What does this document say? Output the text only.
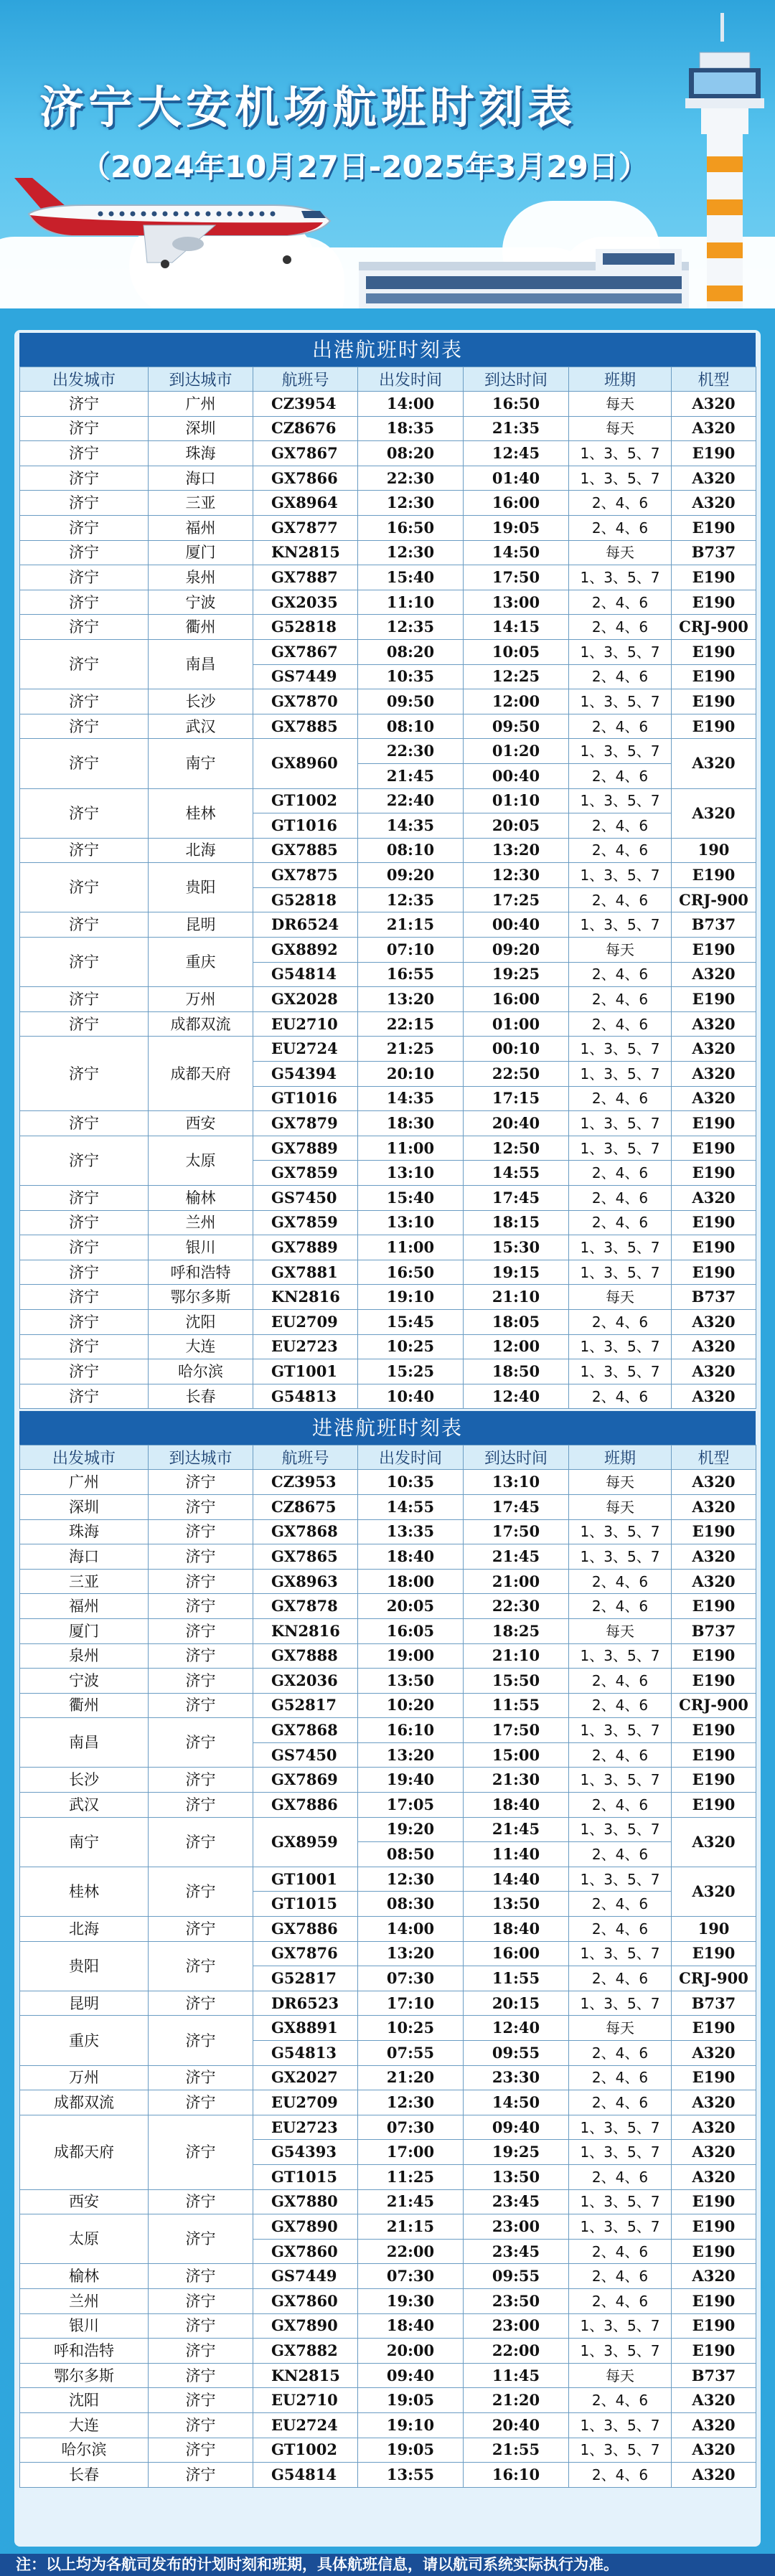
济宁大安机场航班时刻表
（2024年10月27日-2025年3月29日）
出港航班时刻表
出发城市	到达城市	航班号	出发时间	到达时间	班期	机型
济宁	广州	CZ3954	14:00	16:50	每天	A320
济宁	深圳	CZ8676	18:35	21:35	每天	A320
济宁	珠海	GX7867	08:20	12:45	1、3、5、7	E190
济宁	海口	GX7866	22:30	01:40	1、3、5、7	A320
济宁	三亚	GX8964	12:30	16:00	2、4、6	A320
济宁	福州	GX7877	16:50	19:05	2、4、6	E190
济宁	厦门	KN2815	12:30	14:50	每天	B737
济宁	泉州	GX7887	15:40	17:50	1、3、5、7	E190
济宁	宁波	GX2035	11:10	13:00	2、4、6	E190
济宁	衢州	G52818	12:35	14:15	2、4、6	CRJ-900
济宁	南昌	GX7867	08:20	10:05	1、3、5、7	E190
		GS7449	10:35	12:25	2、4、6	E190
济宁	长沙	GX7870	09:50	12:00	1、3、5、7	E190
济宁	武汉	GX7885	08:10	09:50	2、4、6	E190
济宁	南宁	GX8960	22:30	01:20	1、3、5、7	A320
			21:45	00:40	2、4、6	
济宁	桂林	GT1002	22:40	01:10	1、3、5、7	A320
		GT1016	14:35	20:05	2、4、6	
济宁	北海	GX7885	08:10	13:20	2、4、6	190
济宁	贵阳	GX7875	09:20	12:30	1、3、5、7	E190
		G52818	12:35	17:25	2、4、6	CRJ-900
济宁	昆明	DR6524	21:15	00:40	1、3、5、7	B737
济宁	重庆	GX8892	07:10	09:20	每天	E190
		G54814	16:55	19:25	2、4、6	A320
济宁	万州	GX2028	13:20	16:00	2、4、6	E190
济宁	成都双流	EU2710	22:15	01:00	2、4、6	A320
济宁	成都天府	EU2724	21:25	00:10	1、3、5、7	A320
		G54394	20:10	22:50	1、3、5、7	A320
		GT1016	14:35	17:15	2、4、6	A320
济宁	西安	GX7879	18:30	20:40	1、3、5、7	E190
济宁	太原	GX7889	11:00	12:50	1、3、5、7	E190
		GX7859	13:10	14:55	2、4、6	E190
济宁	榆林	GS7450	15:40	17:45	2、4、6	A320
济宁	兰州	GX7859	13:10	18:15	2、4、6	E190
济宁	银川	GX7889	11:00	15:30	1、3、5、7	E190
济宁	呼和浩特	GX7881	16:50	19:15	1、3、5、7	E190
济宁	鄂尔多斯	KN2816	19:10	21:10	每天	B737
济宁	沈阳	EU2709	15:45	18:05	2、4、6	A320
济宁	大连	EU2723	10:25	12:00	1、3、5、7	A320
济宁	哈尔滨	GT1001	15:25	18:50	1、3、5、7	A320
济宁	长春	G54813	10:40	12:40	2、4、6	A320
进港航班时刻表
出发城市	到达城市	航班号	出发时间	到达时间	班期	机型
广州	济宁	CZ3953	10:35	13:10	每天	A320
深圳	济宁	CZ8675	14:55	17:45	每天	A320
珠海	济宁	GX7868	13:35	17:50	1、3、5、7	E190
海口	济宁	GX7865	18:40	21:45	1、3、5、7	A320
三亚	济宁	GX8963	18:00	21:00	2、4、6	A320
福州	济宁	GX7878	20:05	22:30	2、4、6	E190
厦门	济宁	KN2816	16:05	18:25	每天	B737
泉州	济宁	GX7888	19:00	21:10	1、3、5、7	E190
宁波	济宁	GX2036	13:50	15:50	2、4、6	E190
衢州	济宁	G52817	10:20	11:55	2、4、6	CRJ-900
南昌	济宁	GX7868	16:10	17:50	1、3、5、7	E190
		GS7450	13:20	15:00	2、4、6	E190
长沙	济宁	GX7869	19:40	21:30	1、3、5、7	E190
武汉	济宁	GX7886	17:05	18:40	2、4、6	E190
南宁	济宁	GX8959	19:20	21:45	1、3、5、7	A320
			08:50	11:40	2、4、6	
桂林	济宁	GT1001	12:30	14:40	1、3、5、7	A320
		GT1015	08:30	13:50	2、4、6	
北海	济宁	GX7886	14:00	18:40	2、4、6	190
贵阳	济宁	GX7876	13:20	16:00	1、3、5、7	E190
		G52817	07:30	11:55	2、4、6	CRJ-900
昆明	济宁	DR6523	17:10	20:15	1、3、5、7	B737
重庆	济宁	GX8891	10:25	12:40	每天	E190
		G54813	07:55	09:55	2、4、6	A320
万州	济宁	GX2027	21:20	23:30	2、4、6	E190
成都双流	济宁	EU2709	12:30	14:50	2、4、6	A320
成都天府	济宁	EU2723	07:30	09:40	1、3、5、7	A320
		G54393	17:00	19:25	1、3、5、7	A320
		GT1015	11:25	13:50	2、4、6	A320
西安	济宁	GX7880	21:45	23:45	1、3、5、7	E190
太原	济宁	GX7890	21:15	23:00	1、3、5、7	E190
		GX7860	22:00	23:45	2、4、6	E190
榆林	济宁	GS7449	07:30	09:55	2、4、6	A320
兰州	济宁	GX7860	19:30	23:50	2、4、6	E190
银川	济宁	GX7890	18:40	23:00	1、3、5、7	E190
呼和浩特	济宁	GX7882	20:00	22:00	1、3、5、7	E190
鄂尔多斯	济宁	KN2815	09:40	11:45	每天	B737
沈阳	济宁	EU2710	19:05	21:20	2、4、6	A320
大连	济宁	EU2724	19:10	20:40	1、3、5、7	A320
哈尔滨	济宁	GT1002	19:05	21:55	1、3、5、7	A320
长春	济宁	G54814	13:55	16:10	2、4、6	A320
注：以上均为各航司发布的计划时刻和班期，具体航班信息，请以航司系统实际执行为准。
